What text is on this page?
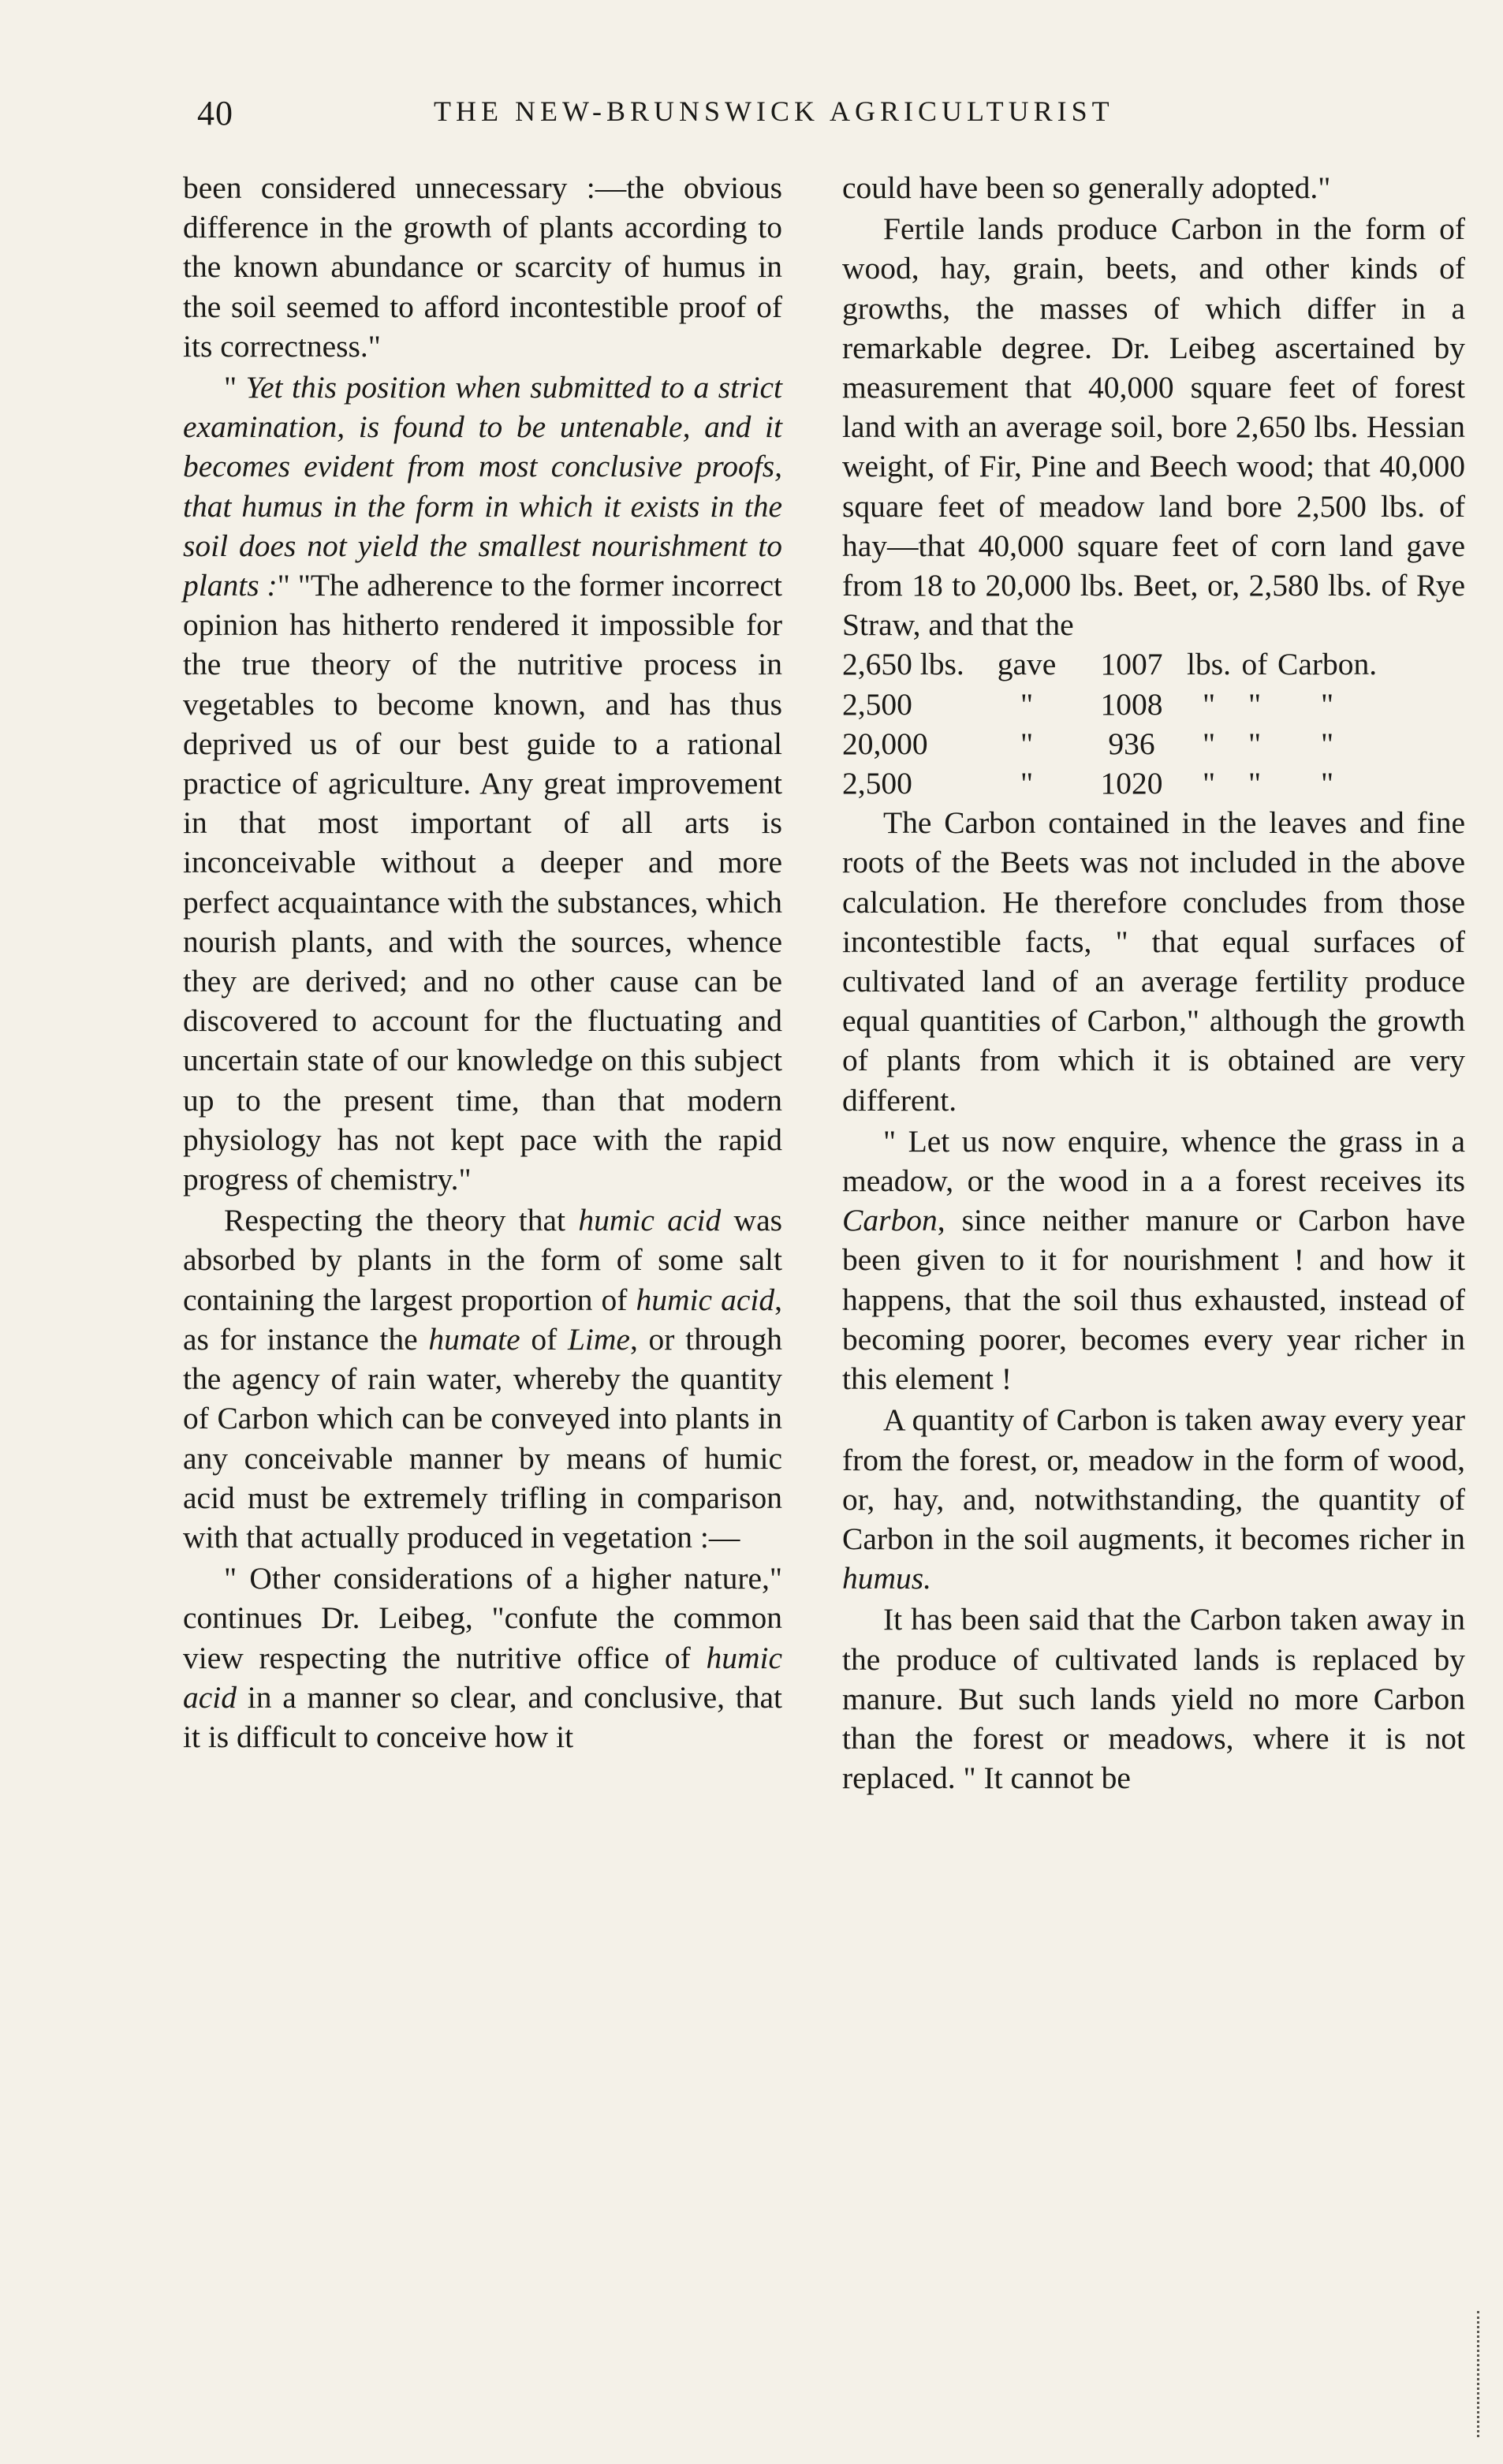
40	THE NEW-BRUNSWICK AGRICULTURIST

been considered unnecessary :—the obvious difference in the growth of plants according to the known abundance or scarcity of humus in the soil seemed to afford incontestible proof of its correctness."

" Yet this position when submitted to a strict examination, is found to be untenable, and it becomes evident from most conclusive proofs, that humus in the form in which it exists in the soil does not yield the smallest nourishment to plants :" "The adherence to the former incorrect opinion has hitherto rendered it impossible for the true theory of the nutritive process in vegetables to become known, and has thus deprived us of our best guide to a rational practice of agriculture. Any great improvement in that most important of all arts is inconceivable without a deeper and more perfect acquaintance with the substances, which nourish plants, and with the sources, whence they are derived; and no other cause can be discovered to account for the fluctuating and uncertain state of our knowledge on this subject up to the present time, than that modern physiology has not kept pace with the rapid progress of chemistry."

Respecting the theory that humic acid was absorbed by plants in the form of some salt containing the largest proportion of humic acid, as for instance the humate of Lime, or through the agency of rain water, whereby the quantity of Carbon which can be conveyed into plants in any conceivable manner by means of humic acid must be extremely trifling in comparison with that actually produced in vegetation :—

" Other considerations of a higher nature," continues Dr. Leibeg, "confute the common view respecting the nutritive office of humic acid in a manner so clear, and conclusive, that it is difficult to conceive how it

could have been so generally adopted."

Fertile lands produce Carbon in the form of wood, hay, grain, beets, and other kinds of growths, the masses of which differ in a remarkable degree. Dr. Leibeg ascertained by measurement that 40,000 square feet of forest land with an average soil, bore 2,650 lbs. Hessian weight, of Fir, Pine and Beech wood; that 40,000 square feet of meadow land bore 2,500 lbs. of hay—that 40,000 square feet of corn land gave from 18 to 20,000 lbs. Beet, or, 2,580 lbs. of Rye Straw, and that the

2,650 lbs.	gave	1007	lbs.	of	Carbon.
2,500	"	1008	"	"	"
20,000	"	936	"	"	"
2,500	"	1020	"	"	"

The Carbon contained in the leaves and fine roots of the Beets was not included in the above calculation. He therefore concludes from those incontestible facts, " that equal surfaces of cultivated land of an average fertility produce equal quantities of Carbon," although the growth of plants from which it is obtained are very different.

" Let us now enquire, whence the grass in a meadow, or the wood in a a forest receives its Carbon, since neither manure or Carbon have been given to it for nourishment ! and how it happens, that the soil thus exhausted, instead of becoming poorer, becomes every year richer in this element !

A quantity of Carbon is taken away every year from the forest, or, meadow in the form of wood, or, hay, and, notwithstanding, the quantity of Carbon in the soil augments, it becomes richer in humus.

It has been said that the Carbon taken away in the produce of cultivated lands is replaced by manure. But such lands yield no more Carbon than the forest or meadows, where it is not replaced. " It cannot be
